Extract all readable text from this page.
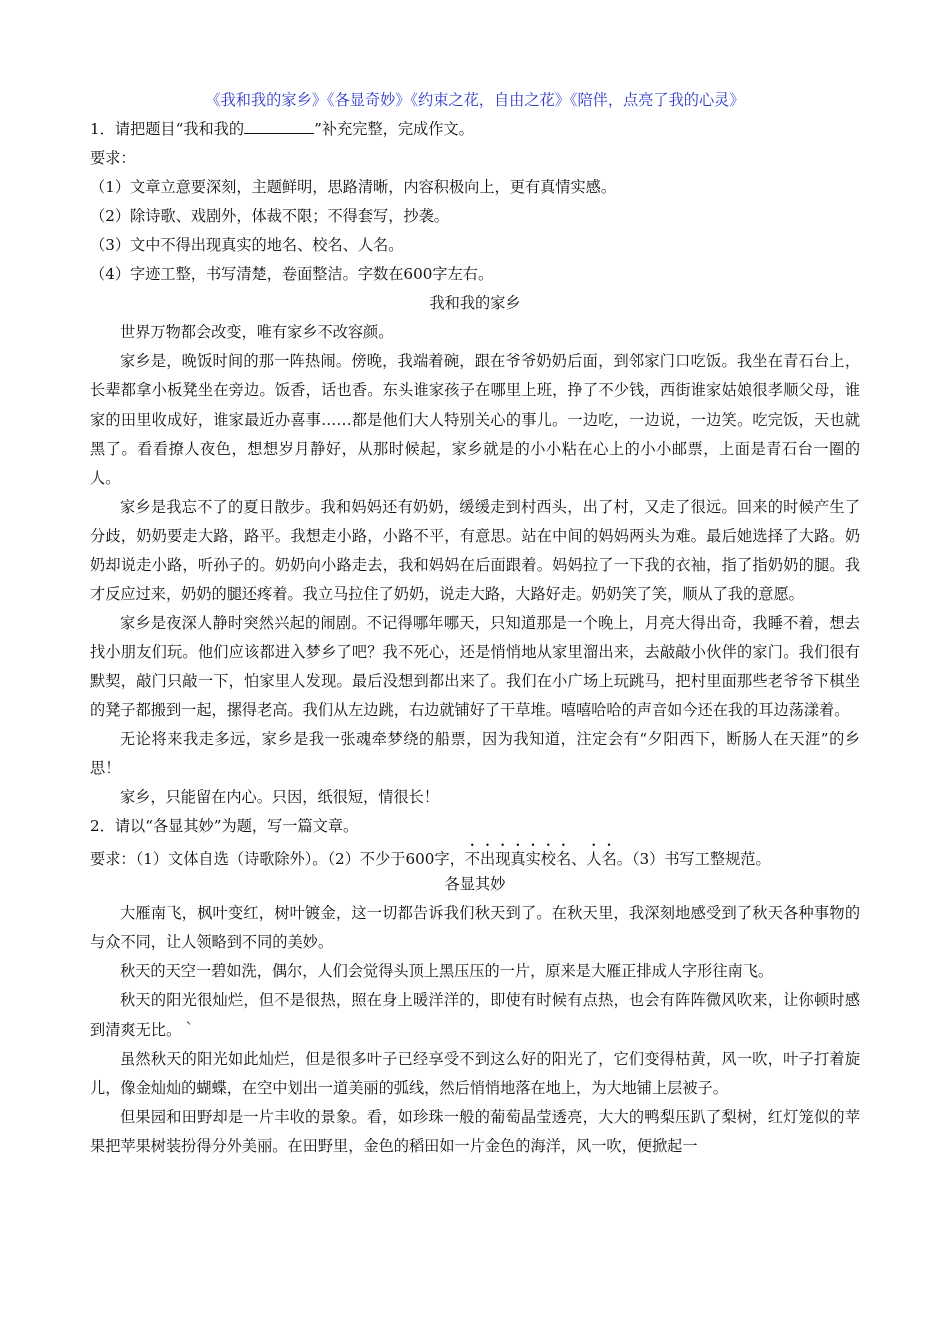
《我和我的家乡》《各显奇妙》《约束之花，自由之花》《陪伴，点亮了我的心灵》
1．请把题目“我和我的	”补充完整，完成作文。
要求：
（1）文章立意要深刻，主题鲜明，思路清晰，内容积极向上，更有真情实感。
（2）除诗歌、戏剧外，体裁不限；不得套写，抄袭。
（3）文中不得出现真实的地名、校名、人名。
（4）字迹工整，书写清楚，卷面整洁。字数在600字左右。
我和我的家乡

世界万物都会改变，唯有家乡不改容颜。

家乡是，晚饭时间的那一阵热闹。傍晚，我端着碗，跟在爷爷奶奶后面，到邻家门口吃饭。我坐在青石台上，长辈都拿小板凳坐在旁边。饭香，话也香。东头谁家孩子在哪里上班，挣了不少钱，西街谁家姑娘很孝顺父母，谁家的田里收成好，谁家最近办喜事……都是他们大人特别关心的事儿。一边吃，一边说，一边笑。吃完饭，天也就黑了。看看撩人夜色，想想岁月静好，从那时候起，家乡就是的小小粘在心上的小小邮票，上面是青石台一圈的人。

家乡是我忘不了的夏日散步。我和妈妈还有奶奶，缓缓走到村西头，出了村，又走了很远。回来的时候产生了分歧，奶奶要走大路，路平。我想走小路，小路不平，有意思。站在中间的妈妈两头为难。最后她选择了大路。奶奶却说走小路，听孙子的。奶奶向小路走去，我和妈妈在后面跟着。妈妈拉了一下我的衣袖，指了指奶奶的腿。我才反应过来，奶奶的腿还疼着。我立马拉住了奶奶，说走大路，大路好走。奶奶笑了笑，顺从了我的意愿。

家乡是夜深人静时突然兴起的闹剧。不记得哪年哪天，只知道那是一个晚上，月亮大得出奇，我睡不着，想去找小朋友们玩。他们应该都进入梦乡了吧？我不死心，还是悄悄地从家里溜出来，去敲敲小伙伴的家门。我们很有默契，敲门只敲一下，怕家里人发现。最后没想到都出来了。我们在小广场上玩跳马，把村里面那些老爷爷下棋坐的凳子都搬到一起，摞得老高。我们从左边跳，右边就铺好了干草堆。嘻嘻哈哈的声音如今还在我的耳边荡漾着。

无论将来我走多远，家乡是我一张魂牵梦绕的船票，因为我知道，注定会有“夕阳西下，断肠人在天涯”的乡思！

家乡，只能留在内心。只因，纸很短，情很长！

2．请以“各显其妙”为题，写一篇文章。
要求：（1）文体自选（诗歌除外）。（2）不少于600字，不出现真实校名、人名。（3）书写工整规范。
各显其妙

大雁南飞，枫叶变红，树叶镀金，这一切都告诉我们秋天到了。在秋天里，我深刻地感受到了秋天各种事物的与众不同，让人领略到不同的美妙。

秋天的天空一碧如洗，偶尔，人们会觉得头顶上黑压压的一片，原来是大雁正排成人字形往南飞。

秋天的阳光很灿烂，但不是很热，照在身上暖洋洋的，即使有时候有点热，也会有阵阵微风吹来，让你顿时感到清爽无比。｀

虽然秋天的阳光如此灿烂，但是很多叶子已经享受不到这么好的阳光了，它们变得枯黄，风一吹，叶子打着旋儿，像金灿灿的蝴蝶，在空中划出一道美丽的弧线，然后悄悄地落在地上，为大地铺上层被子。

但果园和田野却是一片丰收的景象。看，如珍珠一般的葡萄晶莹透亮，大大的鸭梨压趴了梨树，红灯笼似的苹果把苹果树装扮得分外美丽。在田野里，金色的稻田如一片金色的海洋，风一吹，便掀起一
